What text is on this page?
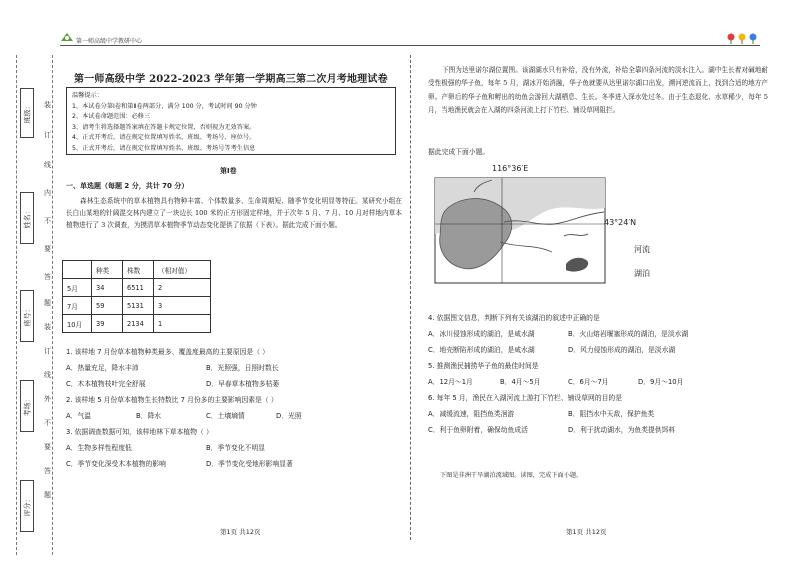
第一师高级中学教研中心
班级：
姓名：
座号：
考场：
评分：
装
订
线
内
不
要
答
题
装
订
线
外
不
要
答
题
第一师高级中学 2022-2023 学年第一学期高三第二次月考地理试卷
温馨提示：
1、本试卷分第Ⅰ卷和第Ⅱ卷两部分，满分 100 分，考试时间 90 分钟
2、本试卷命题范围：必修三
3、请考生将选择题答案填在答题卡规定位置，否则视为无效答案。
4、正式开考后，请在规定位置填写姓名、班级、考场号、座位号。
5、正式开考后，请在规定位置填写姓名、班级、考场号等考生信息
第Ⅰ卷
一、单选题（每题 2 分，共计 70 分）
森林生态系统中的草本植物具有物种丰富、个体数量多、生命周期短、随季节变化明显等特征。某研究小组在长白山某地的针阔混交林内建立了一块边长 100 米的正方形固定样地，并于次年 5 月、7 月、10 月对样地内草本植物进行了 3 次调查，为摸清草本植物季节动态变化提供了依据（下表）。据此完成下面小题。
	种类	株数	（相对值）
5月	34	6511	2
7月	59	5131	3
10月	39	2134	1
1. 该样地 7 月份草本植物种类最多、覆盖度最高的主要原因是（ ）
A．热量充足，降水丰沛	B．光照强，日照时数长
C．木本植物枝叶完全舒展	D．早春草本植物多枯萎
2. 该样地 5 月份草本植物生长特数比 7 月份多的主要影响因素是（ ）
A．气温	B．降水	C．土壤墒情	D．光照
3. 依据调查数据可知，该样地林下草本植物（ ）
A．生物多样性程度低	B．季节变化不明显
C．季节变化深受木本植物的影响	D．季节变化受地形影响显著
第1页 共12页
下图为达里诺尔湖位置图。该湖湖水只有补给，没有外流，补给全靠四条河流的淡水注入。湖中生长着对碱地耐受性极强的华子鱼，每年 5 月，湖冰开始消融，华子鱼就要从达里诺尔湖口出发，溯河逆流而上，找到合适的地方产卵。产卵后的华子鱼和孵出的幼鱼会游回大湖栖息、生长。冬季进入深水处过冬。由于生态退化、水草稀少，每年 5 月，当地渔民就会在入湖的四条河流上打下竹栏、铺设草网阻拦。
据此完成下面小题。
116°36′E
43°24′N
河流
湖泊
4. 依据图文信息，判断下列有关该湖泊的叙述中正确的是
A．冰川侵蚀形成的湖泊，是咸水湖	B．火山熔岩堰塞形成的湖泊，是淡水湖
C．地壳断陷形成的湖泊，是咸水湖	D．风力侵蚀形成的湖泊，是淡水湖
5. 推测渔民捕捞华子鱼的最佳时间是
A．12月～1月	B．4月～5月	C．6月～7月	D．9月～10月
6. 每年 5 月，渔民在入湖河流上游打下竹栏、铺设草网的目的是
A．减缓流速，阻挡鱼类洄游	B．阻挡水中天敌，保护鱼类
C．利于鱼卵附着，确保幼鱼成活	D．利于扰动湖水，为鱼类提供饵料
下图是非洲干旱湖泊流域图。读图，完成下面小题。
第1页 共12页
